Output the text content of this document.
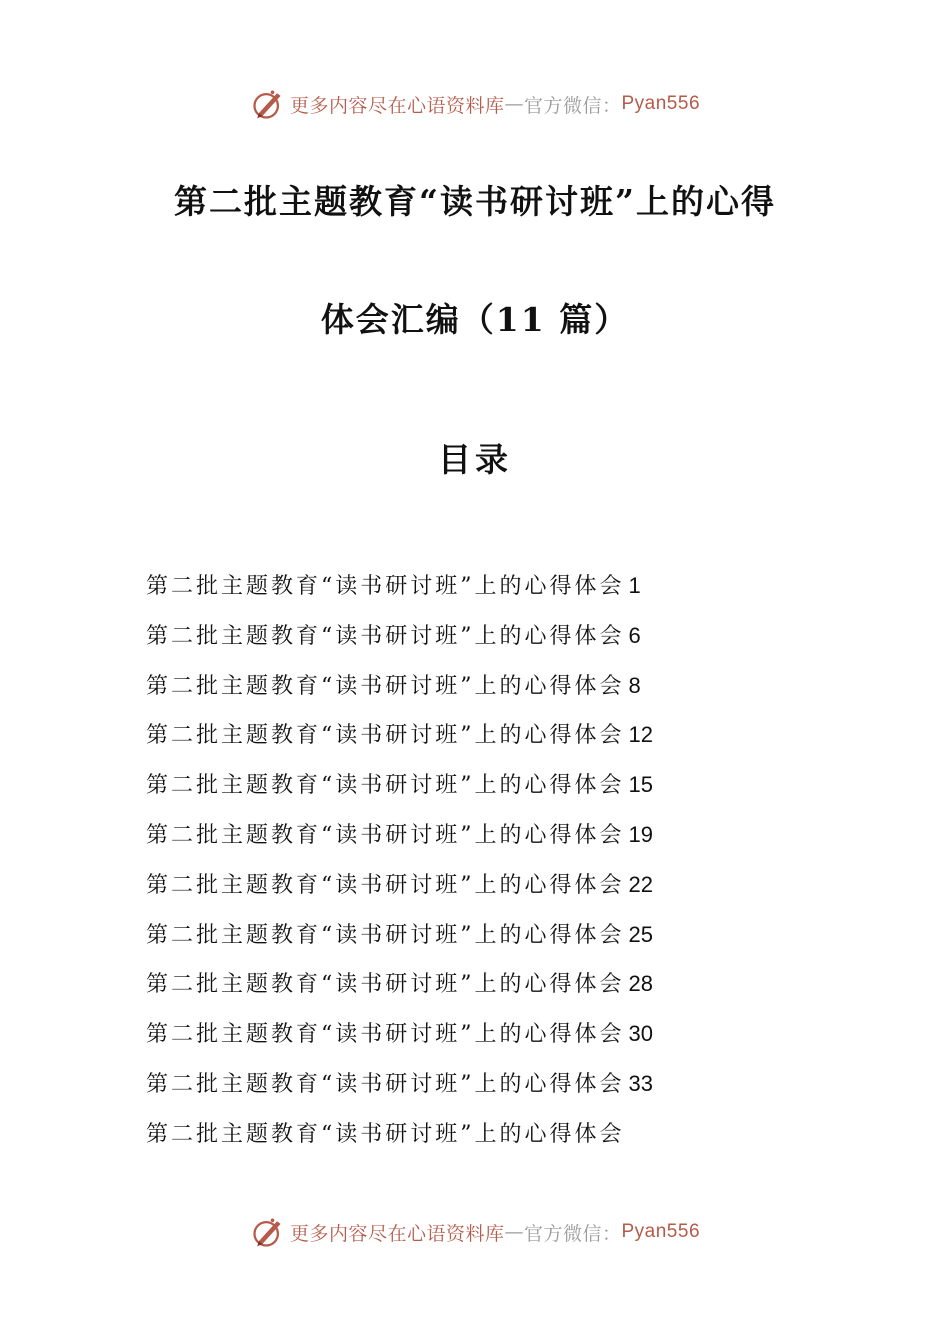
更多内容尽在心语资料库 — 官方微信： Pyan556
第二批主题教育“读书研讨班”上的心得
体会汇编（11 篇）
目录
第二批主题教育“读书研讨班”上的心得体会 1
第二批主题教育“读书研讨班”上的心得体会 6
第二批主题教育“读书研讨班”上的心得体会 8
第二批主题教育“读书研讨班”上的心得体会 12
第二批主题教育“读书研讨班”上的心得体会 15
第二批主题教育“读书研讨班”上的心得体会 19
第二批主题教育“读书研讨班”上的心得体会 22
第二批主题教育“读书研讨班”上的心得体会 25
第二批主题教育“读书研讨班”上的心得体会 28
第二批主题教育“读书研讨班”上的心得体会 30
第二批主题教育“读书研讨班”上的心得体会 33
第二批主题教育“读书研讨班”上的心得体会
更多内容尽在心语资料库 — 官方微信： Pyan556
